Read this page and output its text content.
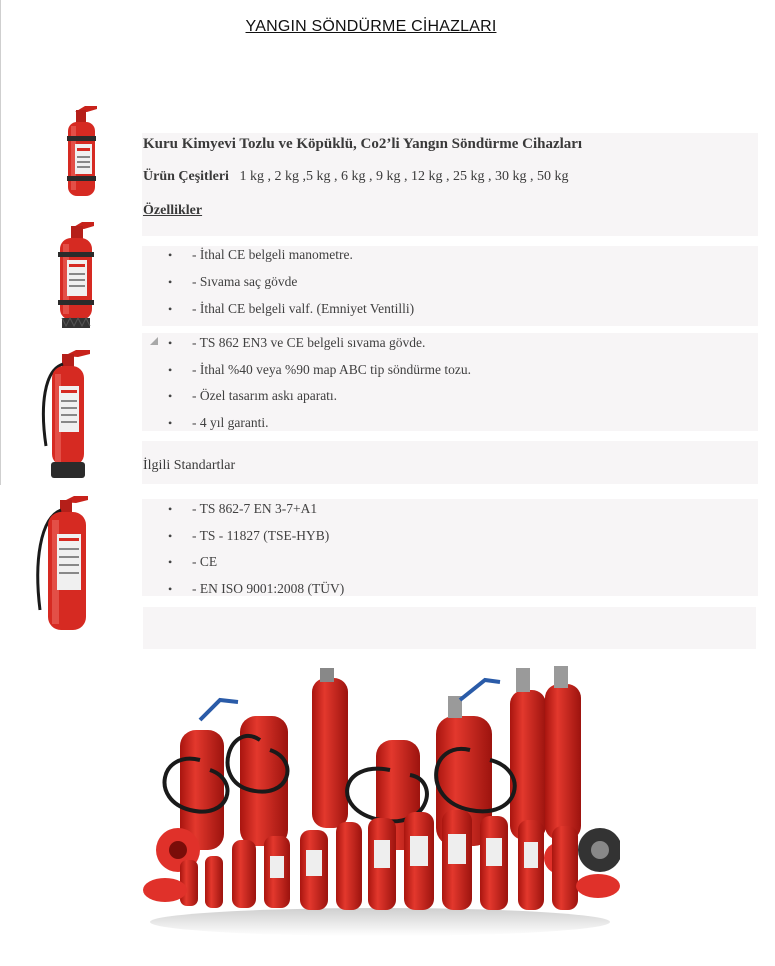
YANGIN SÖNDÜRME CİHAZLARI
Kuru Kimyevi Tozlu ve Köpüklü, Co2’li Yangın Söndürme Cihazları
Ürün Çeşitleri 1 kg , 2 kg ,5 kg , 6 kg , 9 kg , 12 kg , 25 kg , 30 kg , 50 kg
Özellikler
• - İthal CE belgeli manometre.
• - Sıvama saç gövde
• - İthal CE belgeli valf. (Emniyet Ventilli)
• - TS 862 EN3 ve CE belgeli sıvama gövde.
• - İthal %40 veya %90 map ABC tip söndürme tozu.
• - Özel tasarım askı aparatı.
• - 4 yıl garanti.
İlgili Standartlar
• - TS 862-7 EN 3-7+A1
• - TS - 11827 (TSE-HYB)
• - CE
• - EN ISO 9001:2008 (TÜV)
